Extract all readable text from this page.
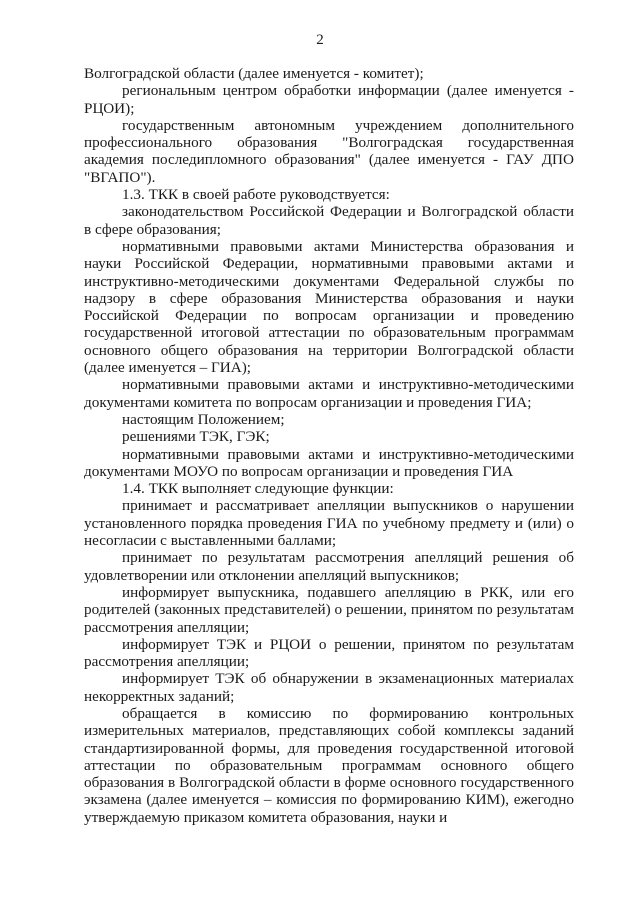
2

Волгоградской области (далее именуется - комитет);

региональным центром обработки информации (далее именуется - РЦОИ);

государственным автономным учреждением дополнительного профессионального образования "Волгоградская государственная академия последипломного образования" (далее именуется - ГАУ ДПО "ВГАПО").

1.3. ТКК в своей работе руководствуется:

законодательством Российской Федерации и Волгоградской области в сфере образования;

нормативными правовыми актами Министерства образования и науки Российской Федерации, нормативными правовыми актами и инструктивно-методическими документами Федеральной службы по надзору в сфере образования Министерства образования и науки Российской Федерации по вопросам организации и проведению государственной итоговой аттестации по образовательным программам основного общего образования на территории Волгоградской области (далее именуется – ГИА);

нормативными правовыми актами и инструктивно-методическими документами комитета по вопросам организации и проведения ГИА;

настоящим Положением;

решениями ТЭК, ГЭК;

нормативными правовыми актами и инструктивно-методическими документами МОУО по вопросам организации и проведения ГИА

1.4. ТКК выполняет следующие функции:

принимает и рассматривает апелляции выпускников о нарушении установленного порядка проведения ГИА по учебному предмету и (или) о несогласии с выставленными баллами;

принимает по результатам рассмотрения апелляций решения об удовлетворении или отклонении апелляций выпускников;

информирует выпускника, подавшего апелляцию в РКК, или его родителей (законных представителей) о решении, принятом по результатам рассмотрения апелляции;

информирует ТЭК и РЦОИ о решении, принятом по результатам рассмотрения апелляции;

информирует ТЭК об обнаружении в экзаменационных материалах некорректных заданий;

обращается в комиссию по формированию контрольных измерительных материалов, представляющих собой комплексы заданий стандартизированной формы, для проведения государственной итоговой аттестации по образовательным программам основного общего образования в Волгоградской области в форме основного государственного экзамена (далее именуется – комиссия по формированию КИМ), ежегодно утверждаемую приказом комитета образования, науки и
